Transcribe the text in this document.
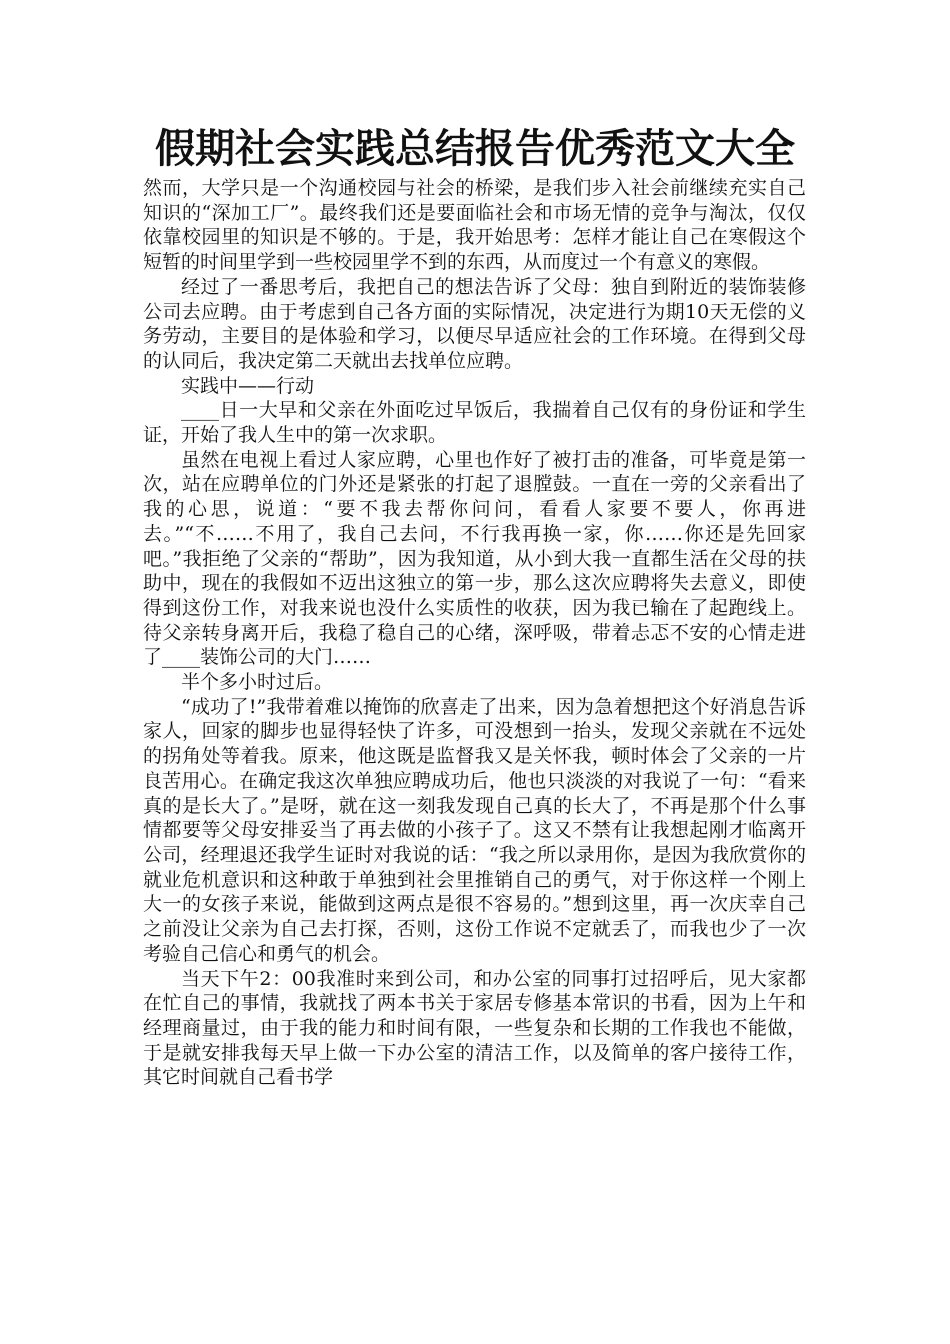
假期社会实践总结报告优秀范文大全

然而，大学只是一个沟通校园与社会的桥梁，是我们步入社会前继续充实自己知识的“深加工厂”。最终我们还是要面临社会和市场无情的竞争与淘汰，仅仅依靠校园里的知识是不够的。于是，我开始思考：怎样才能让自己在寒假这个短暂的时间里学到一些校园里学不到的东西，从而度过一个有意义的寒假。

经过了一番思考后，我把自己的想法告诉了父母：独自到附近的装饰装修公司去应聘。由于考虑到自己各方面的实际情况，决定进行为期10天无偿的义务劳动，主要目的是体验和学习，以便尽早适应社会的工作环境。在得到父母的认同后，我决定第二天就出去找单位应聘。

实践中——行动

____日一大早和父亲在外面吃过早饭后，我揣着自己仅有的身份证和学生证，开始了我人生中的第一次求职。

虽然在电视上看过人家应聘，心里也作好了被打击的准备，可毕竟是第一次，站在应聘单位的门外还是紧张的打起了退膛鼓。一直在一旁的父亲看出了我的心思，说道：“要不我去帮你问问，看看人家要不要人，你再进去。”“不……不用了，我自己去问，不行我再换一家，你……你还是先回家吧。”我拒绝了父亲的“帮助”，因为我知道，从小到大我一直都生活在父母的扶助中，现在的我假如不迈出这独立的第一步，那么这次应聘将失去意义，即使得到这份工作，对我来说也没什么实质性的收获，因为我已输在了起跑线上。待父亲转身离开后，我稳了稳自己的心绪，深呼吸，带着忐忑不安的心情走进了____装饰公司的大门……

半个多小时过后。

“成功了!”我带着难以掩饰的欣喜走了出来，因为急着想把这个好消息告诉家人，回家的脚步也显得轻快了许多，可没想到一抬头，发现父亲就在不远处的拐角处等着我。原来，他这既是监督我又是关怀我，顿时体会了父亲的一片良苦用心。在确定我这次单独应聘成功后，他也只淡淡的对我说了一句：“看来真的是长大了。”是呀，就在这一刻我发现自己真的长大了，不再是那个什么事情都要等父母安排妥当了再去做的小孩子了。这又不禁有让我想起刚才临离开公司，经理退还我学生证时对我说的话：“我之所以录用你，是因为我欣赏你的就业危机意识和这种敢于单独到社会里推销自己的勇气，对于你这样一个刚上大一的女孩子来说，能做到这两点是很不容易的。”想到这里，再一次庆幸自己之前没让父亲为自己去打探，否则，这份工作说不定就丢了，而我也少了一次考验自己信心和勇气的机会。

当天下午2：00我准时来到公司，和办公室的同事打过招呼后，见大家都在忙自己的事情，我就找了两本书关于家居专修基本常识的书看，因为上午和经理商量过，由于我的能力和时间有限，一些复杂和长期的工作我也不能做，于是就安排我每天早上做一下办公室的清洁工作，以及简单的客户接待工作，其它时间就自己看书学
